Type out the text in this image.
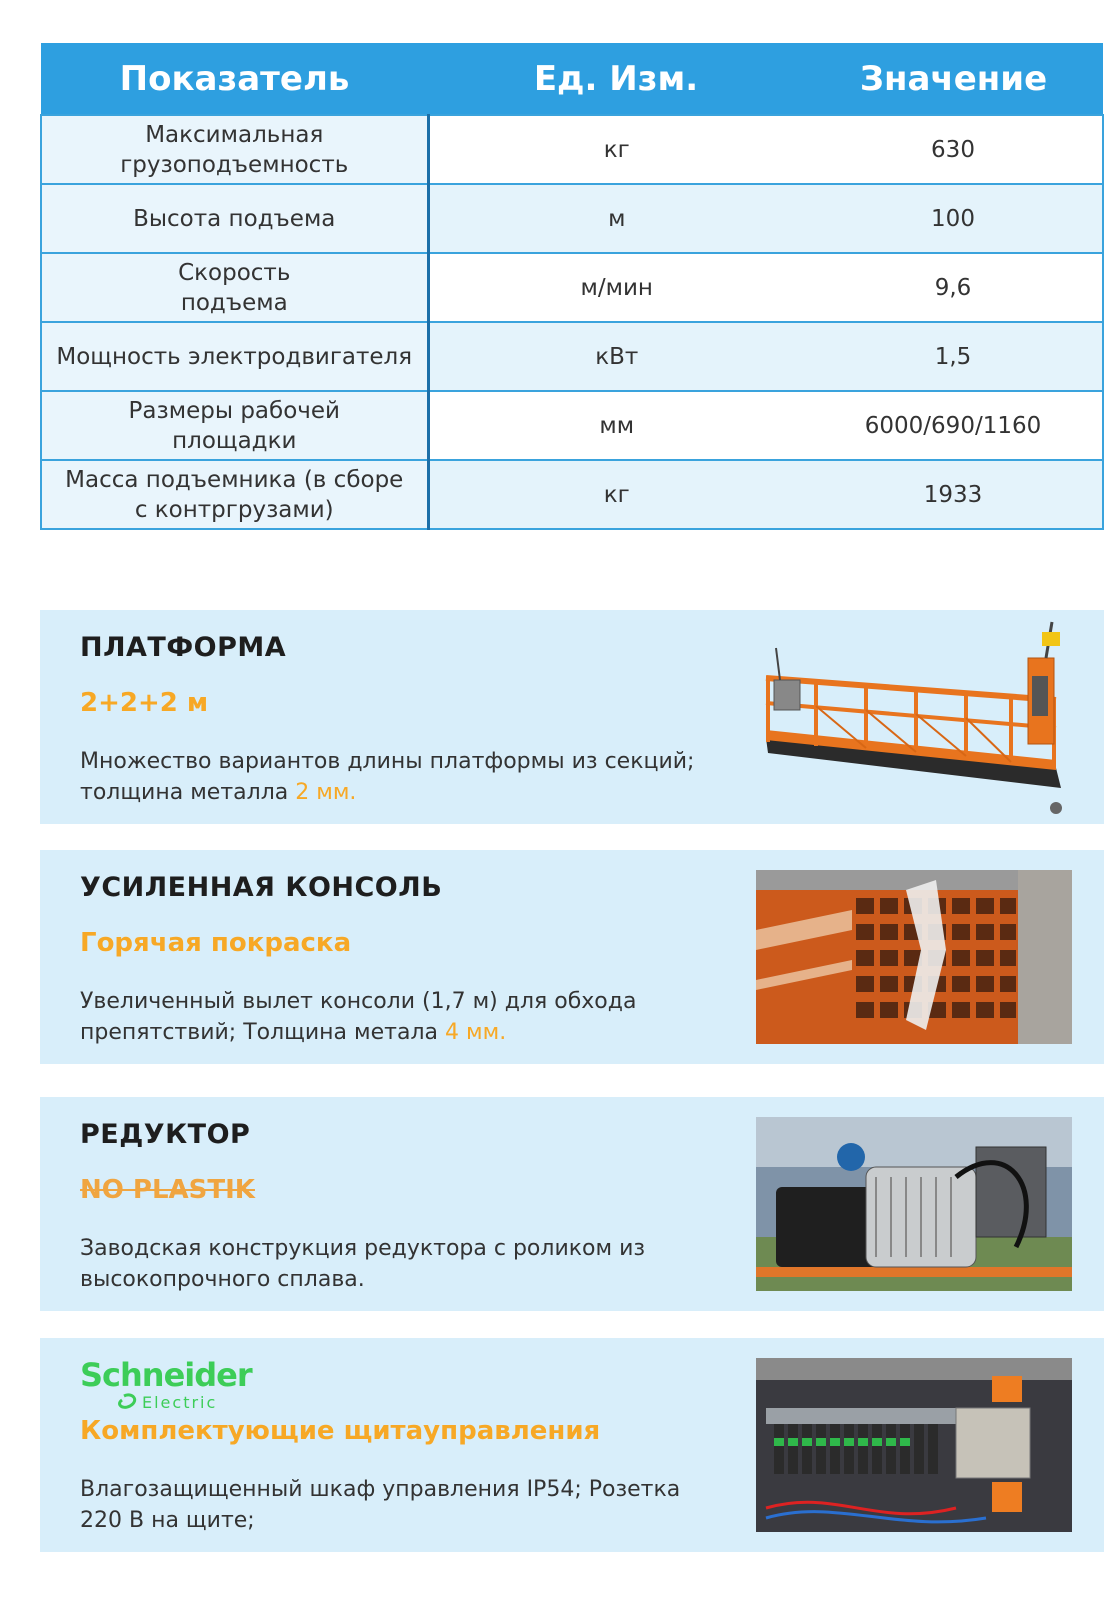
Показатель	Ед. Изм.	Значение
Максимальная грузоподъемность	кг	630
Высота подъема	м	100
Скорость подъема	м/мин	9,6
Мощность электродвигателя	кВт	1,5
Размеры рабочей площадки	мм	6000/690/1160
Масса подъемника (в сборе с контргрузами)	кг	1933
ПЛАТФОРМА
2+2+2 м
Множество вариантов длины платформы из секций; толщина металла 2 мм.
УСИЛЕННАЯ КОНСОЛЬ
Горячая покраска
Увеличенный вылет консоли (1,7 м) для обхода препятствий; Толщина метала 4 мм.
РЕДУКТОР
NO PLASTIK
Заводская конструкция редуктора с роликом из высокопрочного сплава.
Schneider
Electric
Комплектующие щитауправления
Влагозащищенный шкаф управления IP54; Розетка 220 В на щите;
